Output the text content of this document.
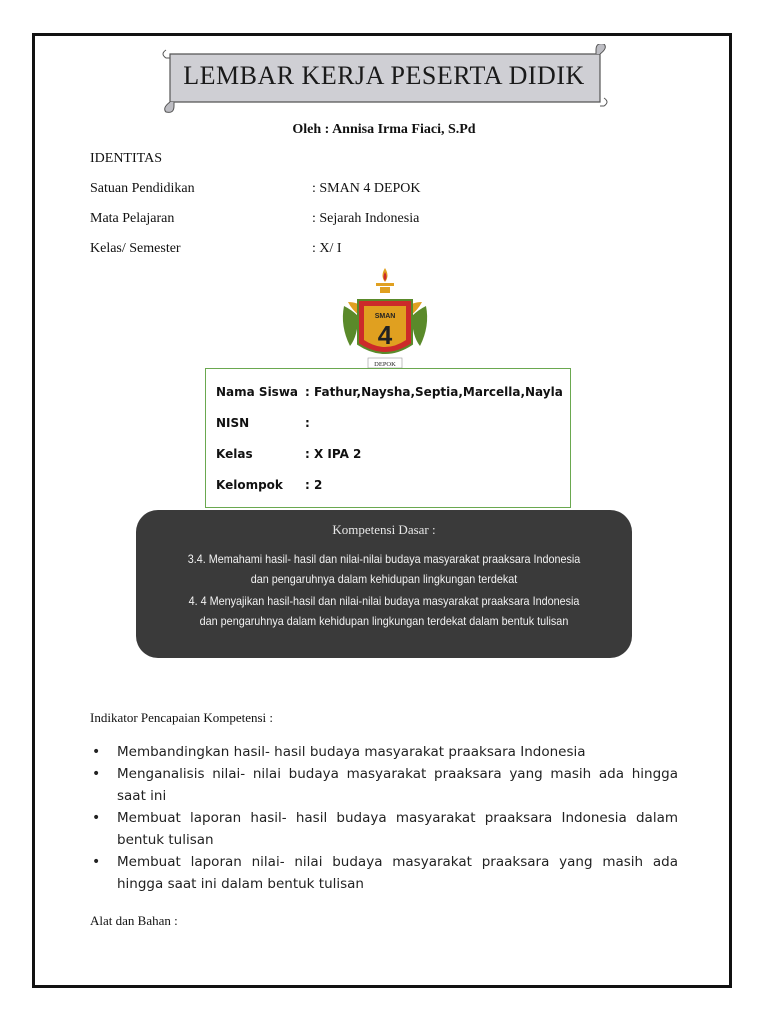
LEMBAR KERJA PESERTA DIDIK
Oleh : Annisa Irma Fiaci, S.Pd
IDENTITAS
Satuan Pendidikan	: SMAN 4 DEPOK
Mata Pelajaran	: Sejarah Indonesia
Kelas/ Semester	: X/ I
SMAN
4
DEPOK
Nama Siswa : Fathur,Naysha,Septia,Marcella,Nayla
NISN	:
Kelas	: X IPA 2
Kelompok : 2
Kompetensi Dasar :
3.4. Memahami hasil- hasil dan nilai-nilai budaya masyarakat praaksara Indonesia
dan pengaruhnya dalam kehidupan lingkungan terdekat
4. 4 Menyajikan hasil-hasil dan nilai-nilai budaya masyarakat praaksara Indonesia
dan pengaruhnya dalam kehidupan lingkungan terdekat dalam bentuk tulisan
Indikator Pencapaian Kompetensi :
• Membandingkan hasil- hasil budaya masyarakat praaksara Indonesia
• Menganalisis nilai- nilai budaya masyarakat praaksara yang masih ada hingga saat ini
• Membuat laporan hasil- hasil budaya masyarakat praaksara Indonesia dalam bentuk tulisan
• Membuat laporan nilai- nilai budaya masyarakat praaksara yang masih ada hingga saat ini dalam bentuk tulisan
Alat dan Bahan :
